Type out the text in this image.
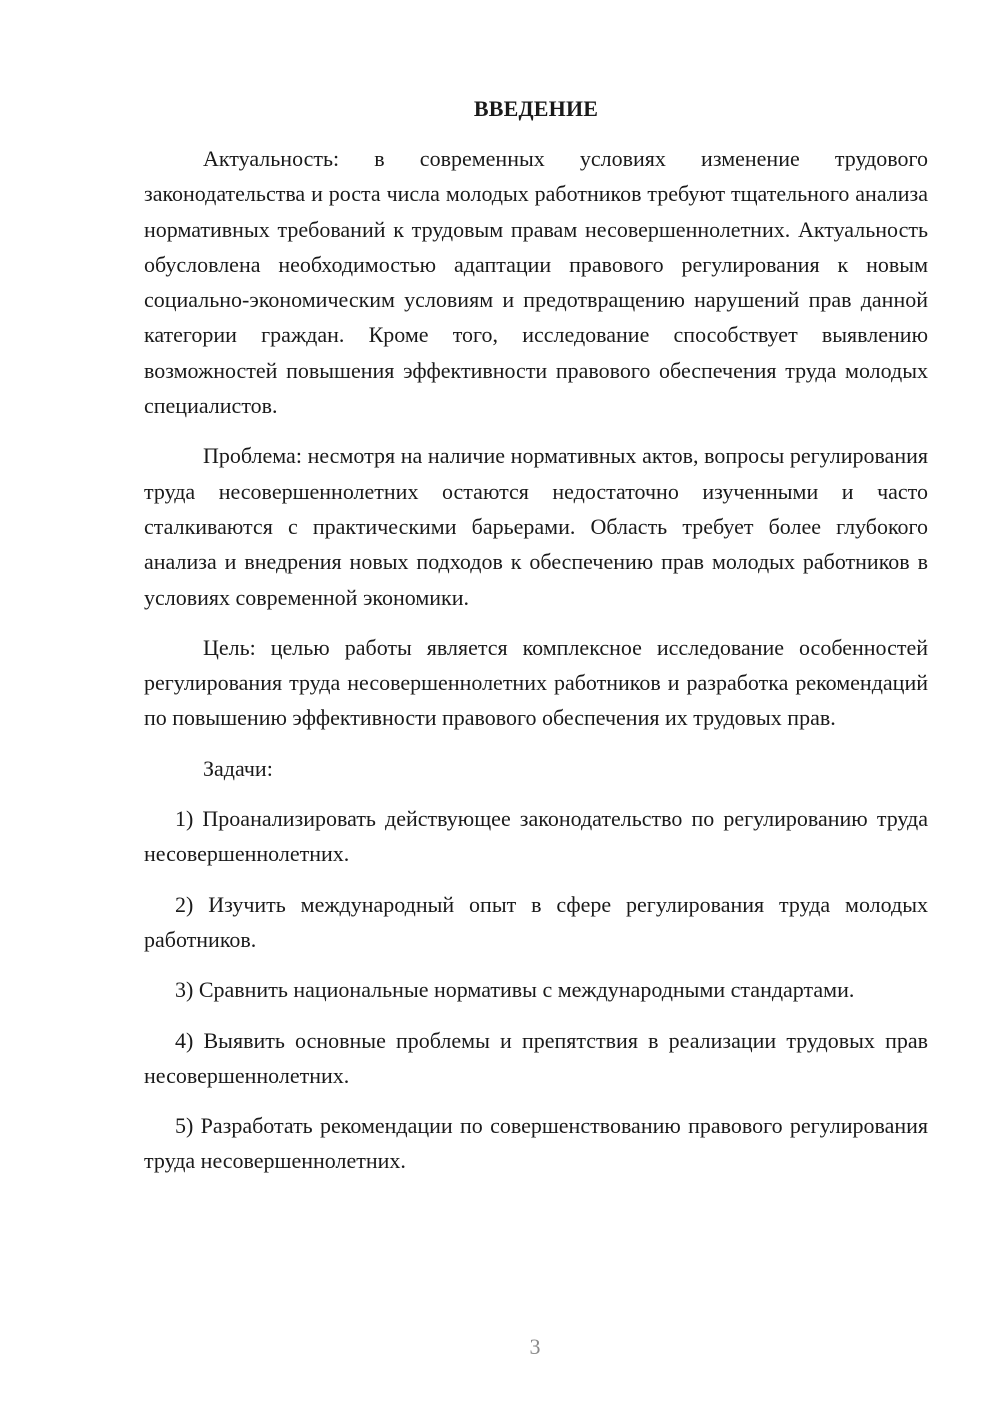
ВВЕДЕНИЕ

Актуальность: в современных условиях изменение трудового законодательства и роста числа молодых работников требуют тщательного анализа нормативных требований к трудовым правам несовершеннолетних. Актуальность обусловлена необходимостью адаптации правового регулирования к новым социально-экономическим условиям и предотвращению нарушений прав данной категории граждан. Кроме того, исследование способствует выявлению возможностей повышения эффективности правового обеспечения труда молодых специалистов.

Проблема: несмотря на наличие нормативных актов, вопросы регулирования труда несовершеннолетних остаются недостаточно изученными и часто сталкиваются с практическими барьерами. Область требует более глубокого анализа и внедрения новых подходов к обеспечению прав молодых работников в условиях современной экономики.

Цель: целью работы является комплексное исследование особенностей регулирования труда несовершеннолетних работников и разработка рекомендаций по повышению эффективности правового обеспечения их трудовых прав.

Задачи:

1) Проанализировать действующее законодательство по регулированию труда несовершеннолетних.

2) Изучить международный опыт в сфере регулирования труда молодых работников.

3) Сравнить национальные нормативы с международными стандартами.

4) Выявить основные проблемы и препятствия в реализации трудовых прав несовершеннолетних.

5) Разработать рекомендации по совершенствованию правового регулирования труда несовершеннолетних.

3
